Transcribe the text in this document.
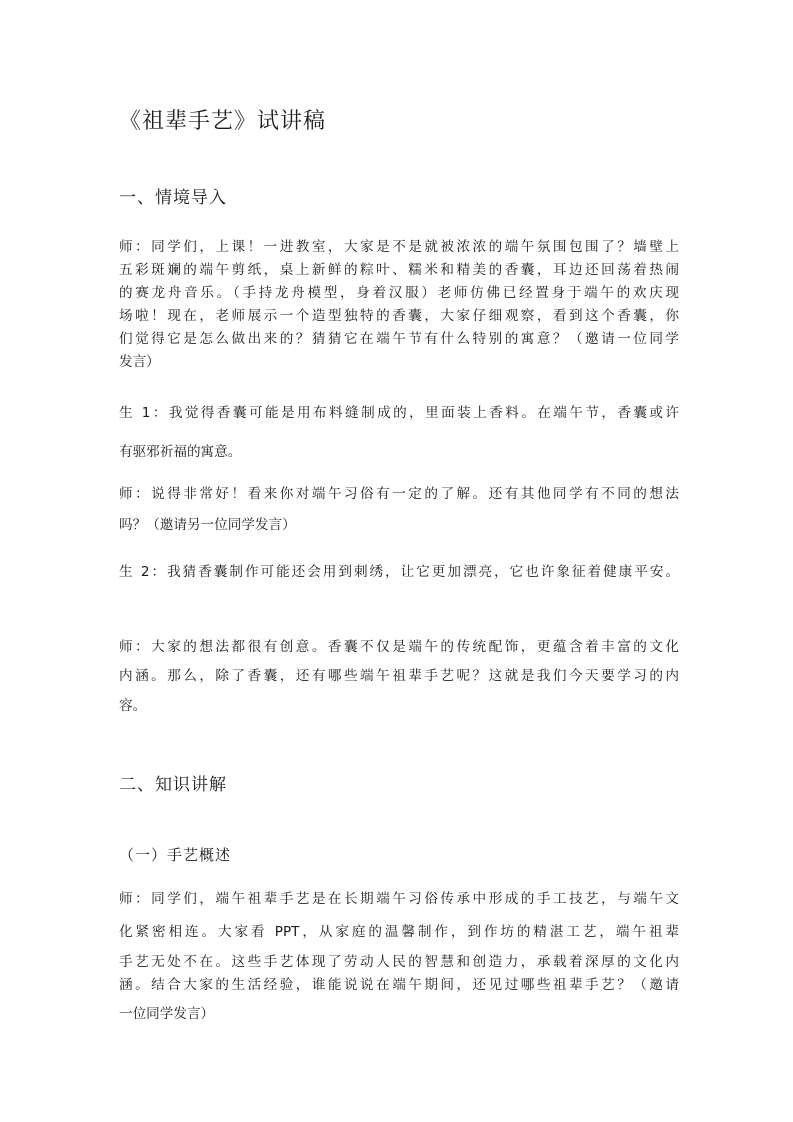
《祖辈手艺》试讲稿
一、情境导入
师：同学们，上课！一进教室，大家是不是就被浓浓的端午氛围包围了？墙壁上
五彩斑斓的端午剪纸，桌上新鲜的粽叶、糯米和精美的香囊，耳边还回荡着热闹
的赛龙舟音乐。（手持龙舟模型，身着汉服）老师仿佛已经置身于端午的欢庆现
场啦！现在，老师展示一个造型独特的香囊，大家仔细观察，看到这个香囊，你
们觉得它是怎么做出来的？猜猜它在端午节有什么特别的寓意？（邀请一位同学
发言）
生 1：我觉得香囊可能是用布料缝制成的，里面装上香料。在端午节，香囊或许
有驱邪祈福的寓意。
师：说得非常好！看来你对端午习俗有一定的了解。还有其他同学有不同的想法
吗？（邀请另一位同学发言）
生 2：我猜香囊制作可能还会用到刺绣，让它更加漂亮，它也许象征着健康平安。
师：大家的想法都很有创意。香囊不仅是端午的传统配饰，更蕴含着丰富的文化
内涵。那么，除了香囊，还有哪些端午祖辈手艺呢？这就是我们今天要学习的内
容。
二、知识讲解
（一）手艺概述
师：同学们，端午祖辈手艺是在长期端午习俗传承中形成的手工技艺，与端午文
化紧密相连。大家看 PPT，从家庭的温馨制作，到作坊的精湛工艺，端午祖辈
手艺无处不在。这些手艺体现了劳动人民的智慧和创造力，承载着深厚的文化内
涵。结合大家的生活经验，谁能说说在端午期间，还见过哪些祖辈手艺？（邀请
一位同学发言）
